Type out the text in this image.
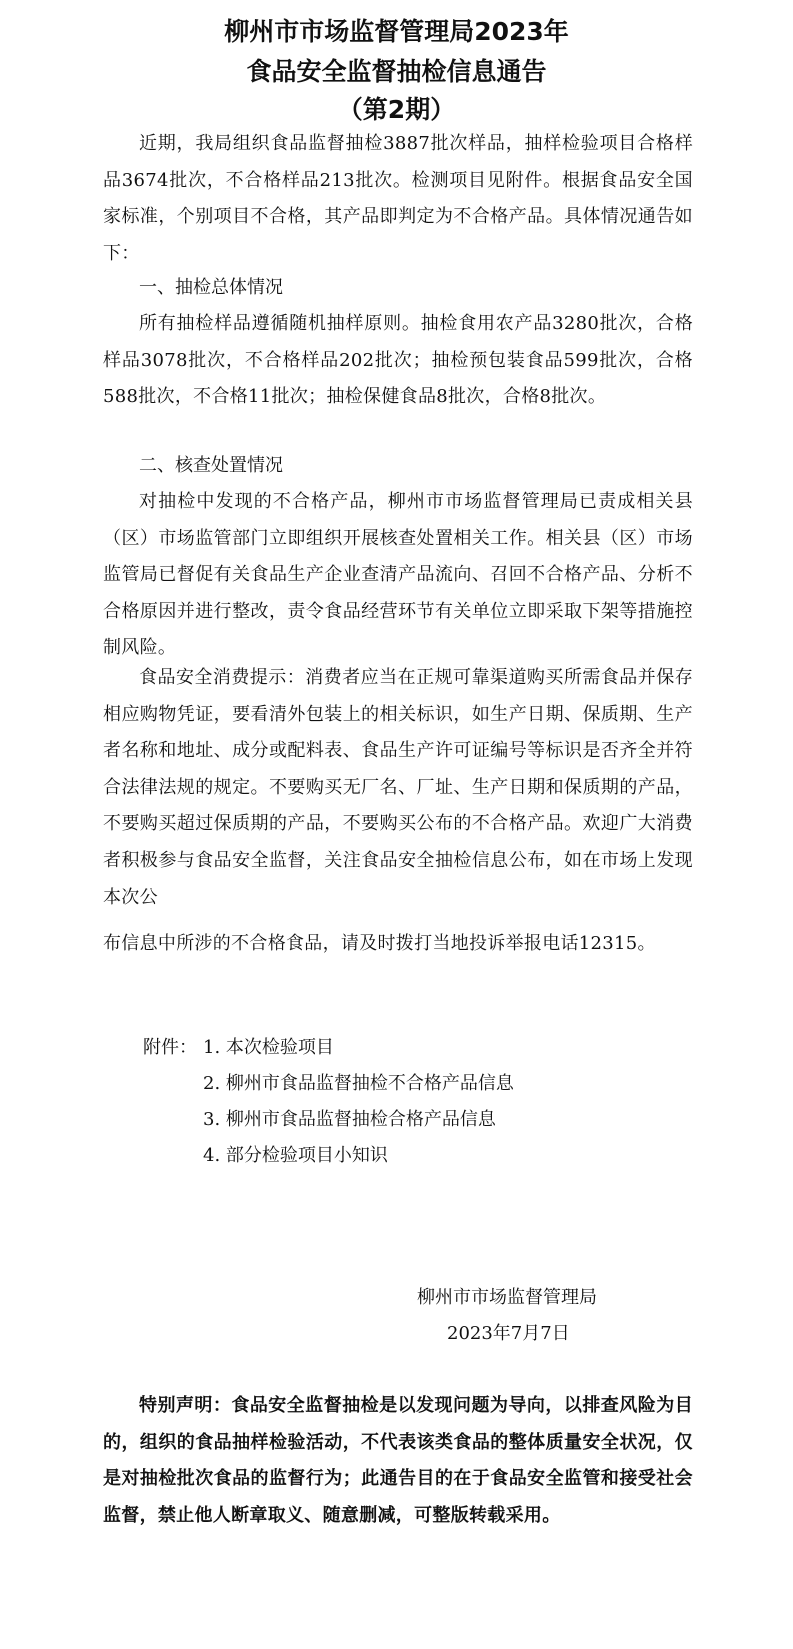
柳州市市场监督管理局2023年
食品安全监督抽检信息通告
（第2期）

近期，我局组织食品监督抽检3887批次样品，抽样检验项目合格样品3674批次，不合格样品213批次。检测项目见附件。根据食品安全国家标准，个别项目不合格，其产品即判定为不合格产品。具体情况通告如下：

一、抽检总体情况

所有抽检样品遵循随机抽样原则。抽检食用农产品3280批次，合格样品3078批次，不合格样品202批次；抽检预包装食品599批次，合格588批次，不合格11批次；抽检保健食品8批次，合格8批次。

二、核查处置情况

对抽检中发现的不合格产品，柳州市市场监督管理局已责成相关县（区）市场监管部门立即组织开展核查处置相关工作。相关县（区）市场监管局已督促有关食品生产企业查清产品流向、召回不合格产品、分析不合格原因并进行整改，责令食品经营环节有关单位立即采取下架等措施控制风险。

食品安全消费提示：消费者应当在正规可靠渠道购买所需食品并保存相应购物凭证，要看清外包装上的相关标识，如生产日期、保质期、生产者名称和地址、成分或配料表、食品生产许可证编号等标识是否齐全并符合法律法规的规定。不要购买无厂名、厂址、生产日期和保质期的产品，不要购买超过保质期的产品，不要购买公布的不合格产品。欢迎广大消费者积极参与食品安全监督，关注食品安全抽检信息公布，如在市场上发现本次公

布信息中所涉的不合格食品，请及时拨打当地投诉举报电话12315。

附件： 1. 本次检验项目
2. 柳州市食品监督抽检不合格产品信息
3. 柳州市食品监督抽检合格产品信息
4. 部分检验项目小知识
柳州市市场监督管理局
2023年7月7日

特别声明：食品安全监督抽检是以发现问题为导向，以排查风险为目的，组织的食品抽样检验活动，不代表该类食品的整体质量安全状况，仅是对抽检批次食品的监督行为；此通告目的在于食品安全监管和接受社会监督，禁止他人断章取义、随意删减，可整版转载采用。
